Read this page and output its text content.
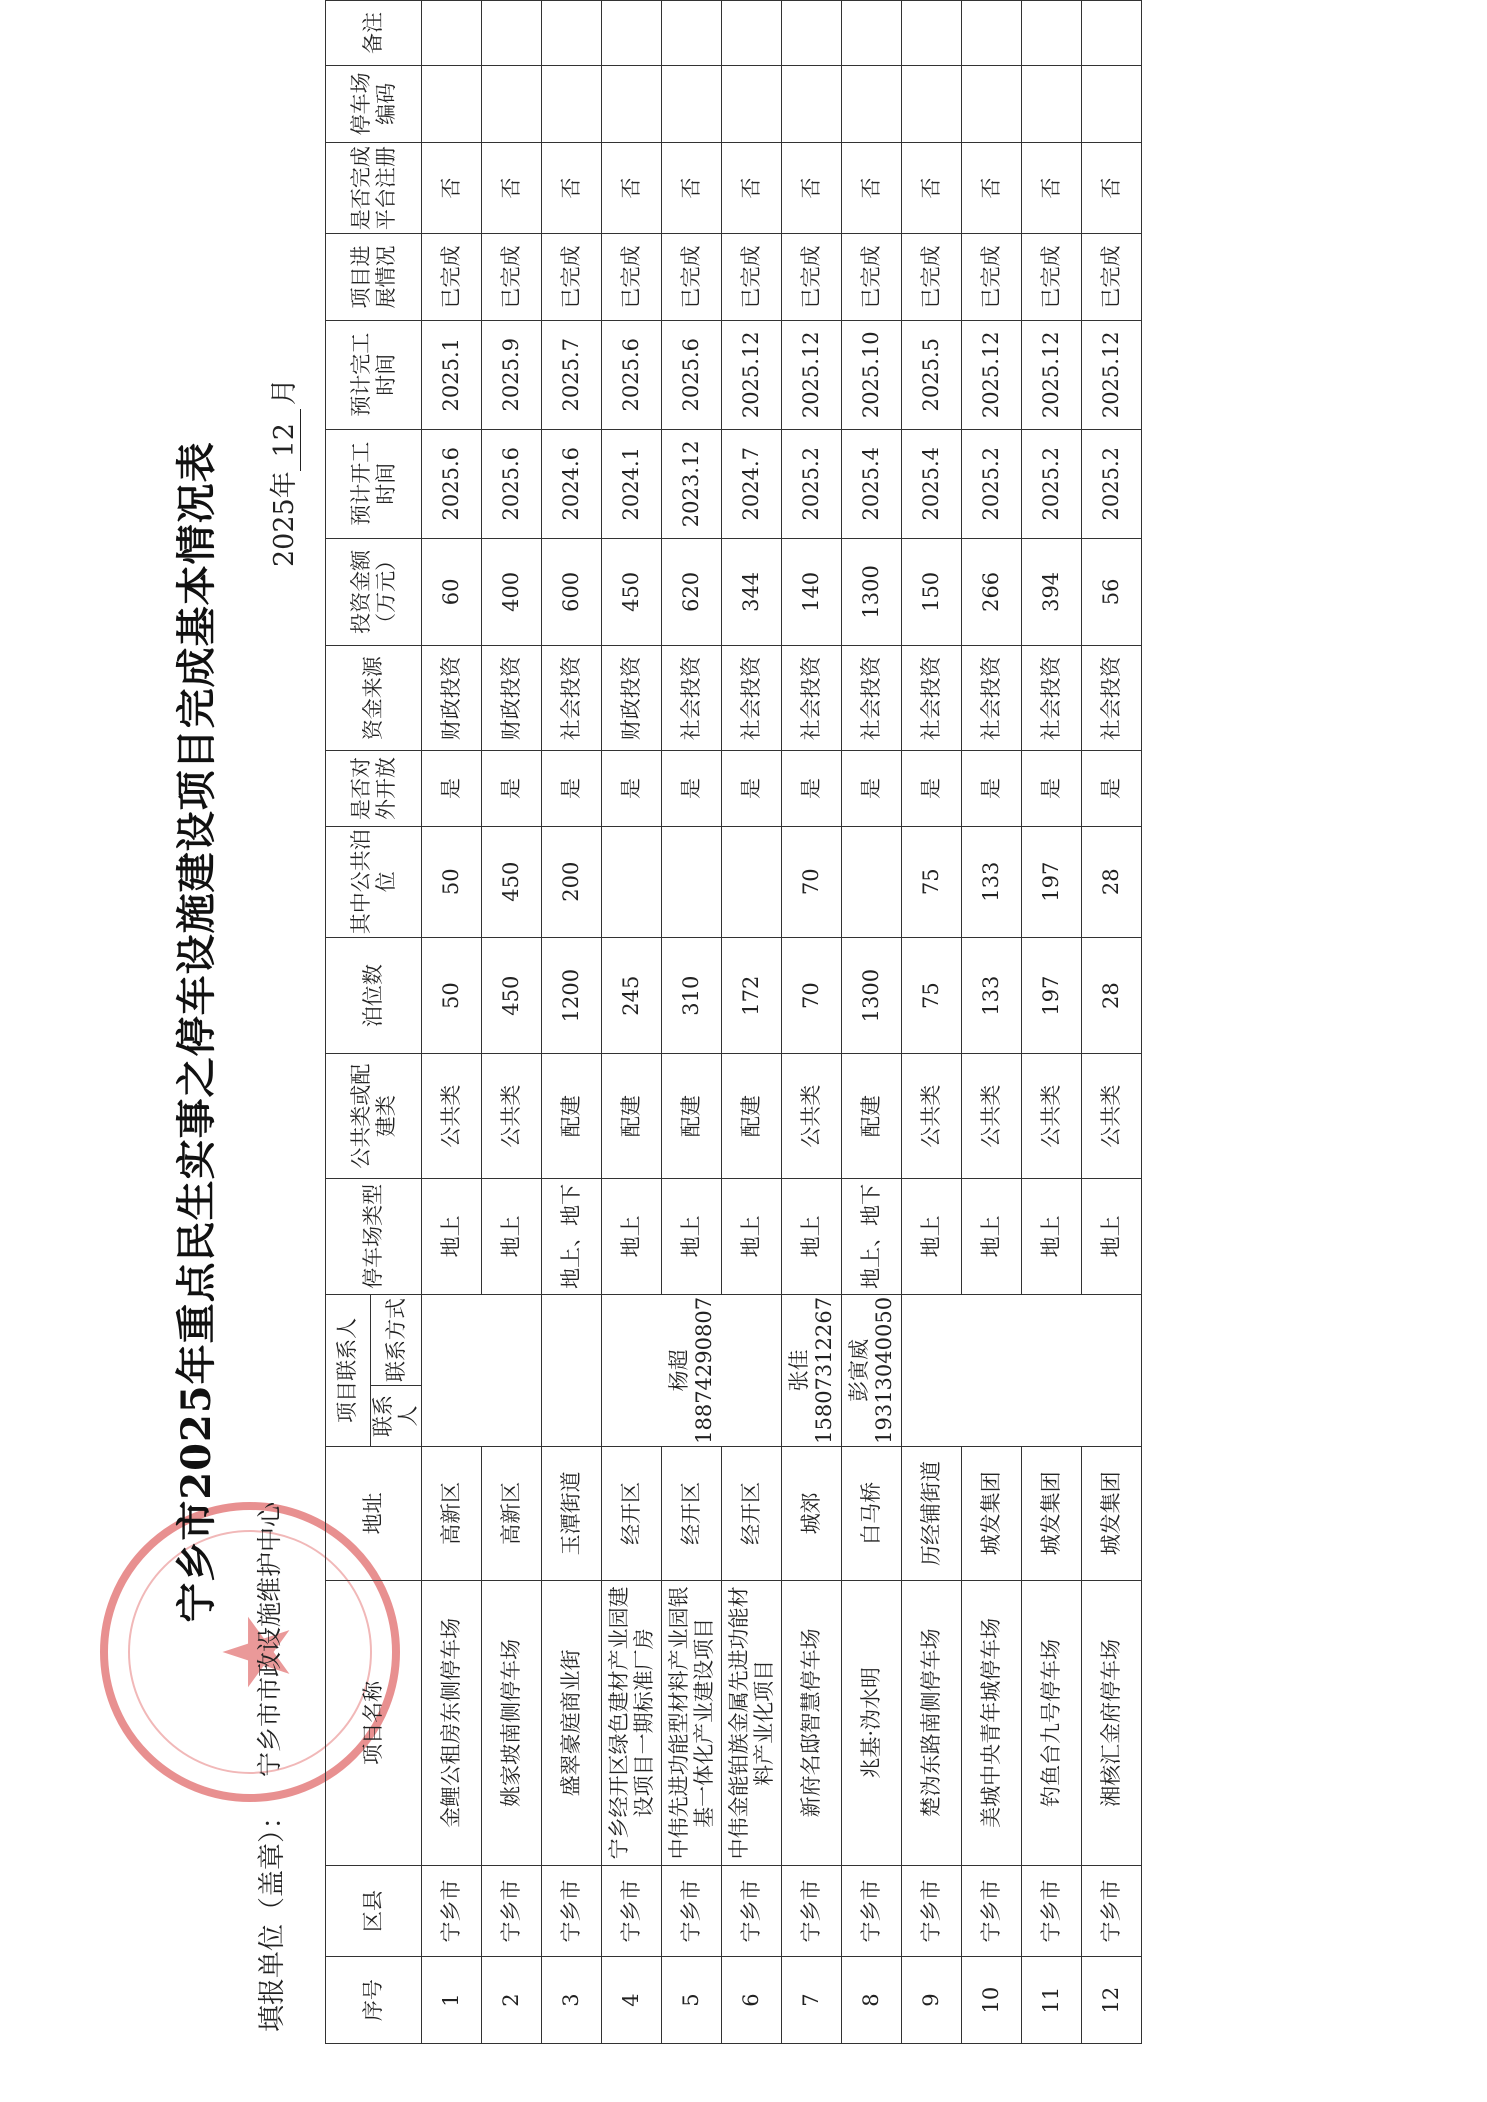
★
宁乡市2025年重点民生实事之停车设施建设项目完成基本情况表
填报单位（盖章）：
宁乡市市政设施维护中心
2025年12月
序号	区县	项目名称	地址	项目联系人		停车场类型	公共类或配建类	泊位数	其中公共泊位	是否对外开放	资金来源	投资金额（万元）	预计开工时间	预计完工时间	项目进展情况	是否完成平台注册	停车场编码	备注
				联系人	联系方式													
1	宁乡市	金鲤公租房东侧停车场	高新区			地上	公共类	50	50	是	财政投资	60	2025.6	2025.1	已完成	否		
2	宁乡市	姚家坡南侧停车场	高新区			地上	公共类	450	450	是	财政投资	400	2025.6	2025.9	已完成	否		
3	宁乡市	盛翠豪庭商业街	玉潭街道			地上、地下	配建	1200	200	是	社会投资	600	2024.6	2025.7	已完成	否		
4	宁乡市	宁乡经开区绿色建材产业园建设项目一期标准厂房	经开区	杨超 18874290807		地上	配建	245		是	财政投资	450	2024.1	2025.6	已完成	否		
5	宁乡市	中伟先进功能型材料产业园银基一体化产业建设项目	经开区			地上	配建	310		是	社会投资	620	2023.12	2025.6	已完成	否		
6	宁乡市	中伟金能铂族金属先进功能材料产业化项目	经开区			地上	配建	172		是	社会投资	344	2024.7	2025.12	已完成	否		
7	宁乡市	新府名邸智慧停车场	城郊	张佳 15807312267		地上	公共类	70	70	是	社会投资	140	2025.2	2025.12	已完成	否		
8	宁乡市	兆基·沩水明	白马桥	彭寅威 19313040050		地上、地下	配建	1300		是	社会投资	1300	2025.4	2025.10	已完成	否		
9	宁乡市	楚沩东路南侧停车场	历经铺街道			地上	公共类	75	75	是	社会投资	150	2025.4	2025.5	已完成	否		
10	宁乡市	美城中央青年城停车场	城发集团			地上	公共类	133	133	是	社会投资	266	2025.2	2025.12	已完成	否		
11	宁乡市	钓鱼台九号停车场	城发集团			地上	公共类	197	197	是	社会投资	394	2025.2	2025.12	已完成	否		
12	宁乡市	湘核汇金府停车场	城发集团			地上	公共类	28	28	是	社会投资	56	2025.2	2025.12	已完成	否		
